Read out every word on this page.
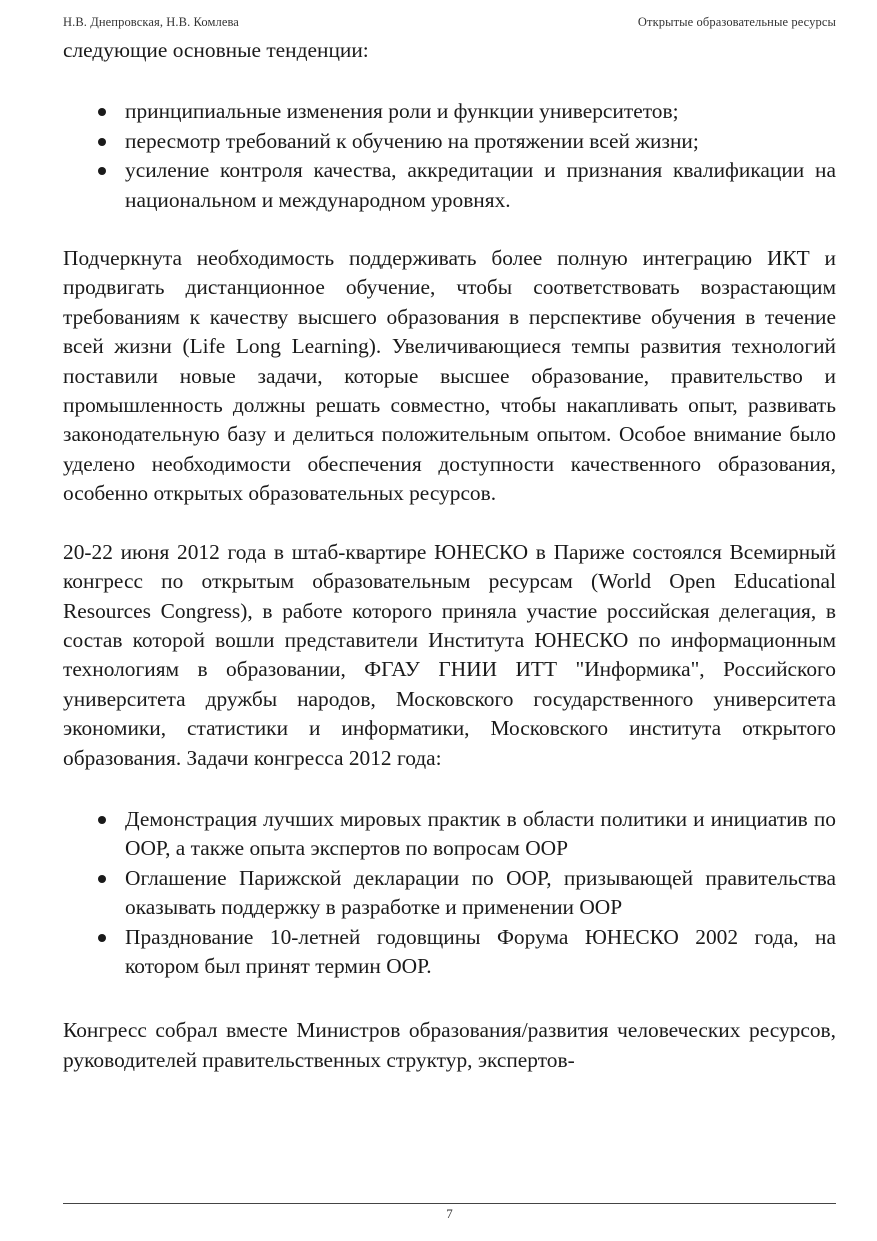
Н.В. Днепровская, Н.В. Комлева	Открытые образовательные ресурсы

следующие основные тенденции:

принципиальные изменения роли и функции университетов;
пересмотр требований к обучению на протяжении всей жизни;
усиление контроля качества, аккредитации и признания квалификации на национальном и международном уровнях.

Подчеркнута необходимость поддерживать более полную интеграцию ИКТ и продвигать дистанционное обучение, чтобы соответствовать возрастающим требованиям к качеству высшего образования в перспективе обучения в течение всей жизни (Life Long Learning). Увеличивающиеся темпы развития технологий поставили новые задачи, которые высшее образование, правительство и промышленность должны решать совместно, чтобы накапливать опыт, развивать законодательную базу и делиться положительным опытом. Особое внимание было уделено необходимости обеспечения доступности качественного образования, особенно открытых образовательных ресурсов.

20-22 июня 2012 года в штаб-квартире ЮНЕСКО в Париже состоялся Всемирный конгресс по открытым образовательным ресурсам (World Open Educational Resources Congress), в работе которого приняла участие российская делегация, в состав которой вошли представители Института ЮНЕСКО по информационным технологиям в образовании, ФГАУ ГНИИ ИТТ "Информика", Российского университета дружбы народов, Московского государственного университета экономики, статистики и информатики, Московского института открытого образования. Задачи конгресса 2012 года:

Демонстрация лучших мировых практик в области политики и инициатив по ООР, а также опыта экспертов по вопросам ООР
Оглашение Парижской декларации по ООР, призывающей правительства оказывать поддержку в разработке и применении ООР
Празднование 10-летней годовщины Форума ЮНЕСКО 2002 года, на котором был принят термин ООР.

Конгресс собрал вместе Министров образования/развития человеческих ресурсов, руководителей правительственных структур, экспертов-

7
